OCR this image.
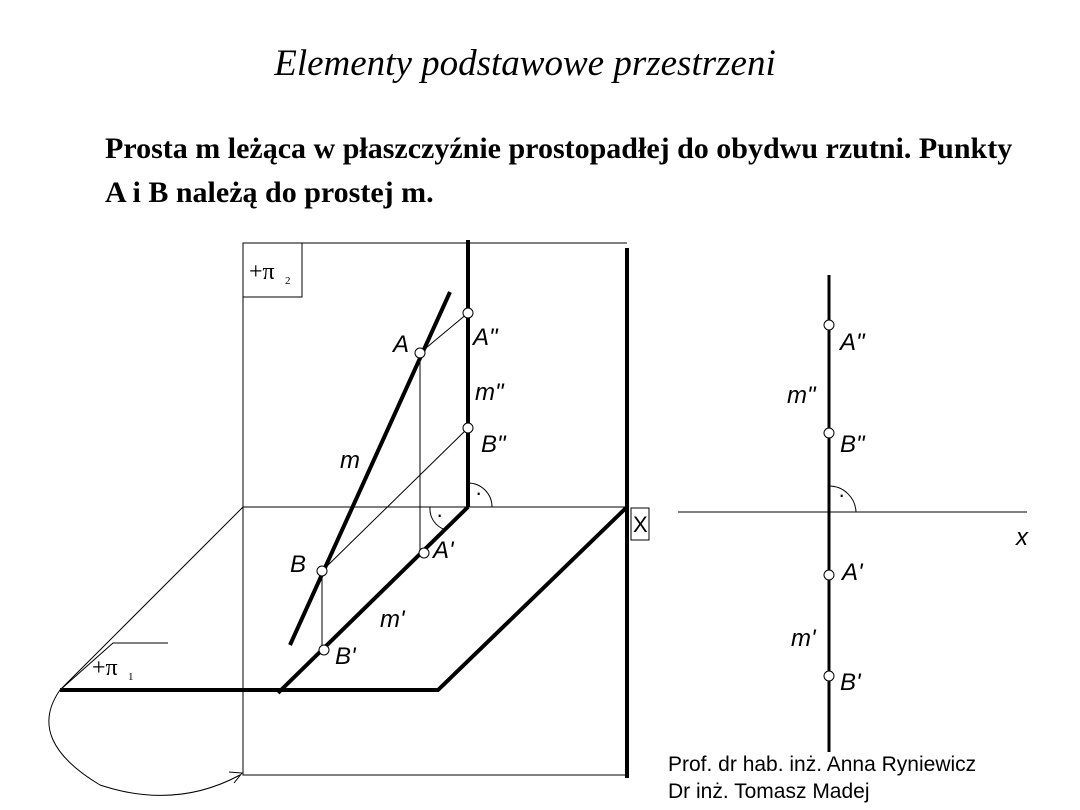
Elementy podstawowe przestrzeni
Prosta m leżąca w płaszczyźnie prostopadłej do obydwu rzutni. Punkty A i B należą do prostej m.
+π 2
+π 1
X
m
m"
m'
A	A"
B"
A'
B
B'
·
·
A"
m"
B"
·
x
A'
m'
B'
Prof. dr hab. inż. Anna Ryniewicz
Dr inż. Tomasz Madej
